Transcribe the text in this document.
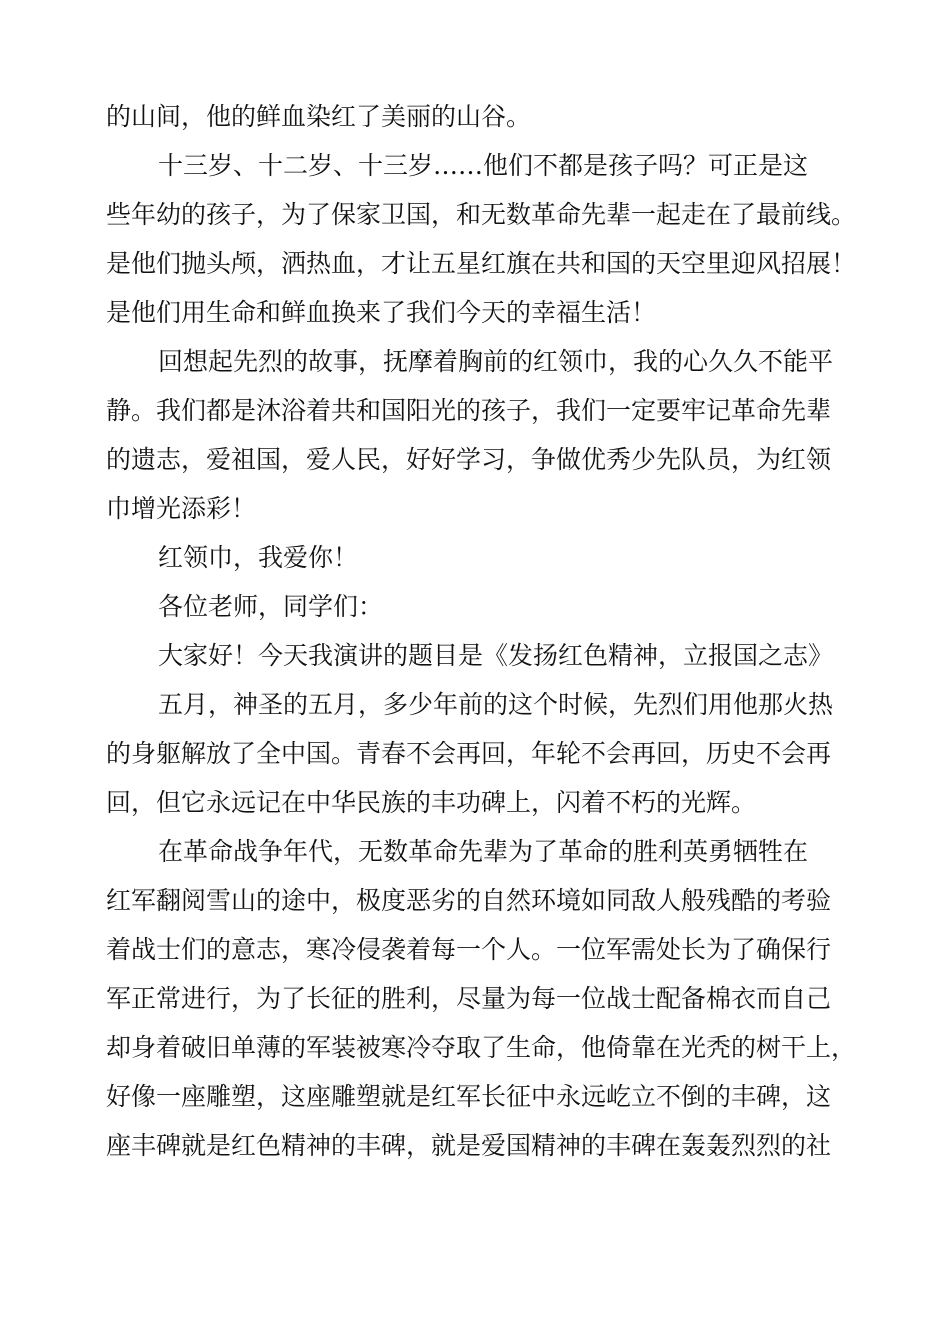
的山间，他的鲜血染红了美丽的山谷。
十三岁、十二岁、十三岁……他们不都是孩子吗？可正是这
些年幼的孩子，为了保家卫国，和无数革命先辈一起走在了最前线。
是他们抛头颅，洒热血，才让五星红旗在共和国的天空里迎风招展！
是他们用生命和鲜血换来了我们今天的幸福生活！
回想起先烈的故事，抚摩着胸前的红领巾，我的心久久不能平
静。我们都是沐浴着共和国阳光的孩子，我们一定要牢记革命先辈
的遗志，爱祖国，爱人民，好好学习，争做优秀少先队员，为红领
巾增光添彩！
红领巾，我爱你！
各位老师，同学们：
大家好！今天我演讲的题目是《发扬红色精神，立报国之志》
五月，神圣的五月，多少年前的这个时候，先烈们用他那火热
的身躯解放了全中国。青春不会再回，年轮不会再回，历史不会再
回，但它永远记在中华民族的丰功碑上，闪着不朽的光辉。
在革命战争年代，无数革命先辈为了革命的胜利英勇牺牲在
红军翻阅雪山的途中，极度恶劣的自然环境如同敌人般残酷的考验
着战士们的意志，寒冷侵袭着每一个人。一位军需处长为了确保行
军正常进行，为了长征的胜利，尽量为每一位战士配备棉衣而自己
却身着破旧单薄的军装被寒冷夺取了生命，他倚靠在光秃的树干上，
好像一座雕塑，这座雕塑就是红军长征中永远屹立不倒的丰碑，这
座丰碑就是红色精神的丰碑，就是爱国精神的丰碑在轰轰烈烈的社
